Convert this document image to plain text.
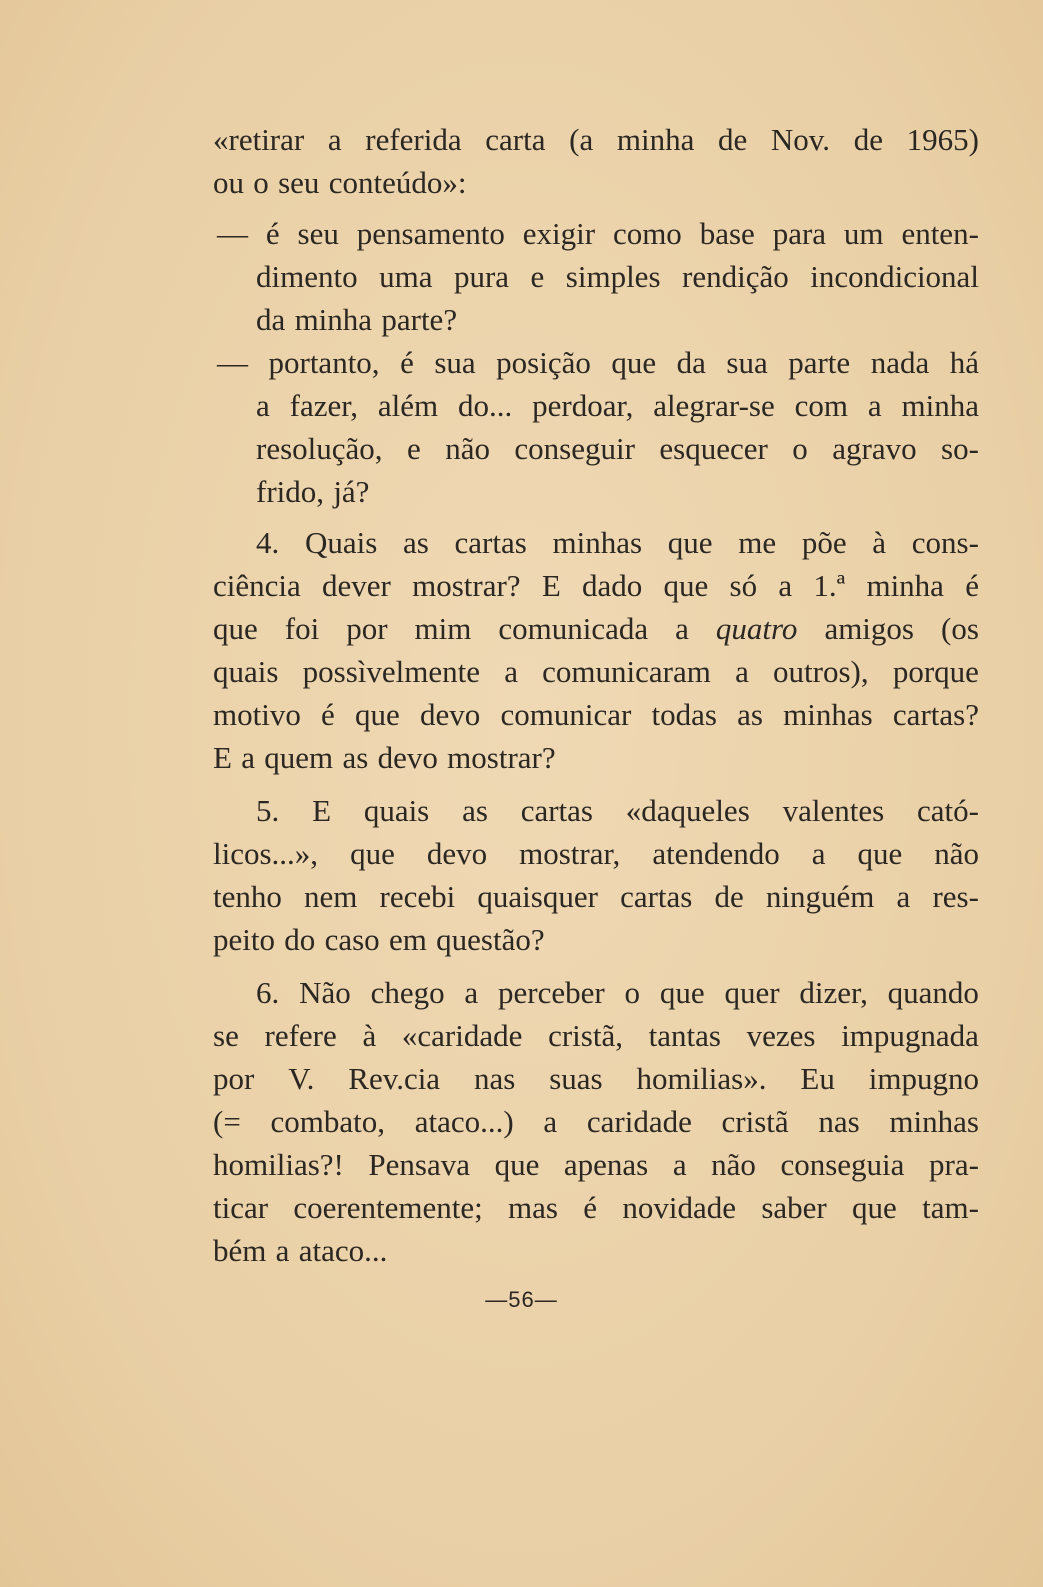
«retirar a referida carta (a minha de Nov. de 1965)
ou o seu conteúdo»:
— é seu pensamento exigir como base para um enten-
dimento uma pura e simples rendição incondicional
da minha parte?
— portanto, é sua posição que da sua parte nada há
a fazer, além do... perdoar, alegrar-se com a minha
resolução, e não conseguir esquecer o agravo so-
frido, já?
4. Quais as cartas minhas que me põe à cons-
ciência dever mostrar? E dado que só a 1.ª minha é
que foi por mim comunicada a quatro amigos (os
quais possìvelmente a comunicaram a outros), porque
motivo é que devo comunicar todas as minhas cartas?
E a quem as devo mostrar?
5. E quais as cartas «daqueles valentes cató-
licos...», que devo mostrar, atendendo a que não
tenho nem recebi quaisquer cartas de ninguém a res-
peito do caso em questão?
6. Não chego a perceber o que quer dizer, quando
se refere à «caridade cristã, tantas vezes impugnada
por V. Rev.cia nas suas homilias». Eu impugno
(= combato, ataco...) a caridade cristã nas minhas
homilias?! Pensava que apenas a não conseguia pra-
ticar coerentemente; mas é novidade saber que tam-
bém a ataco...
—56—
